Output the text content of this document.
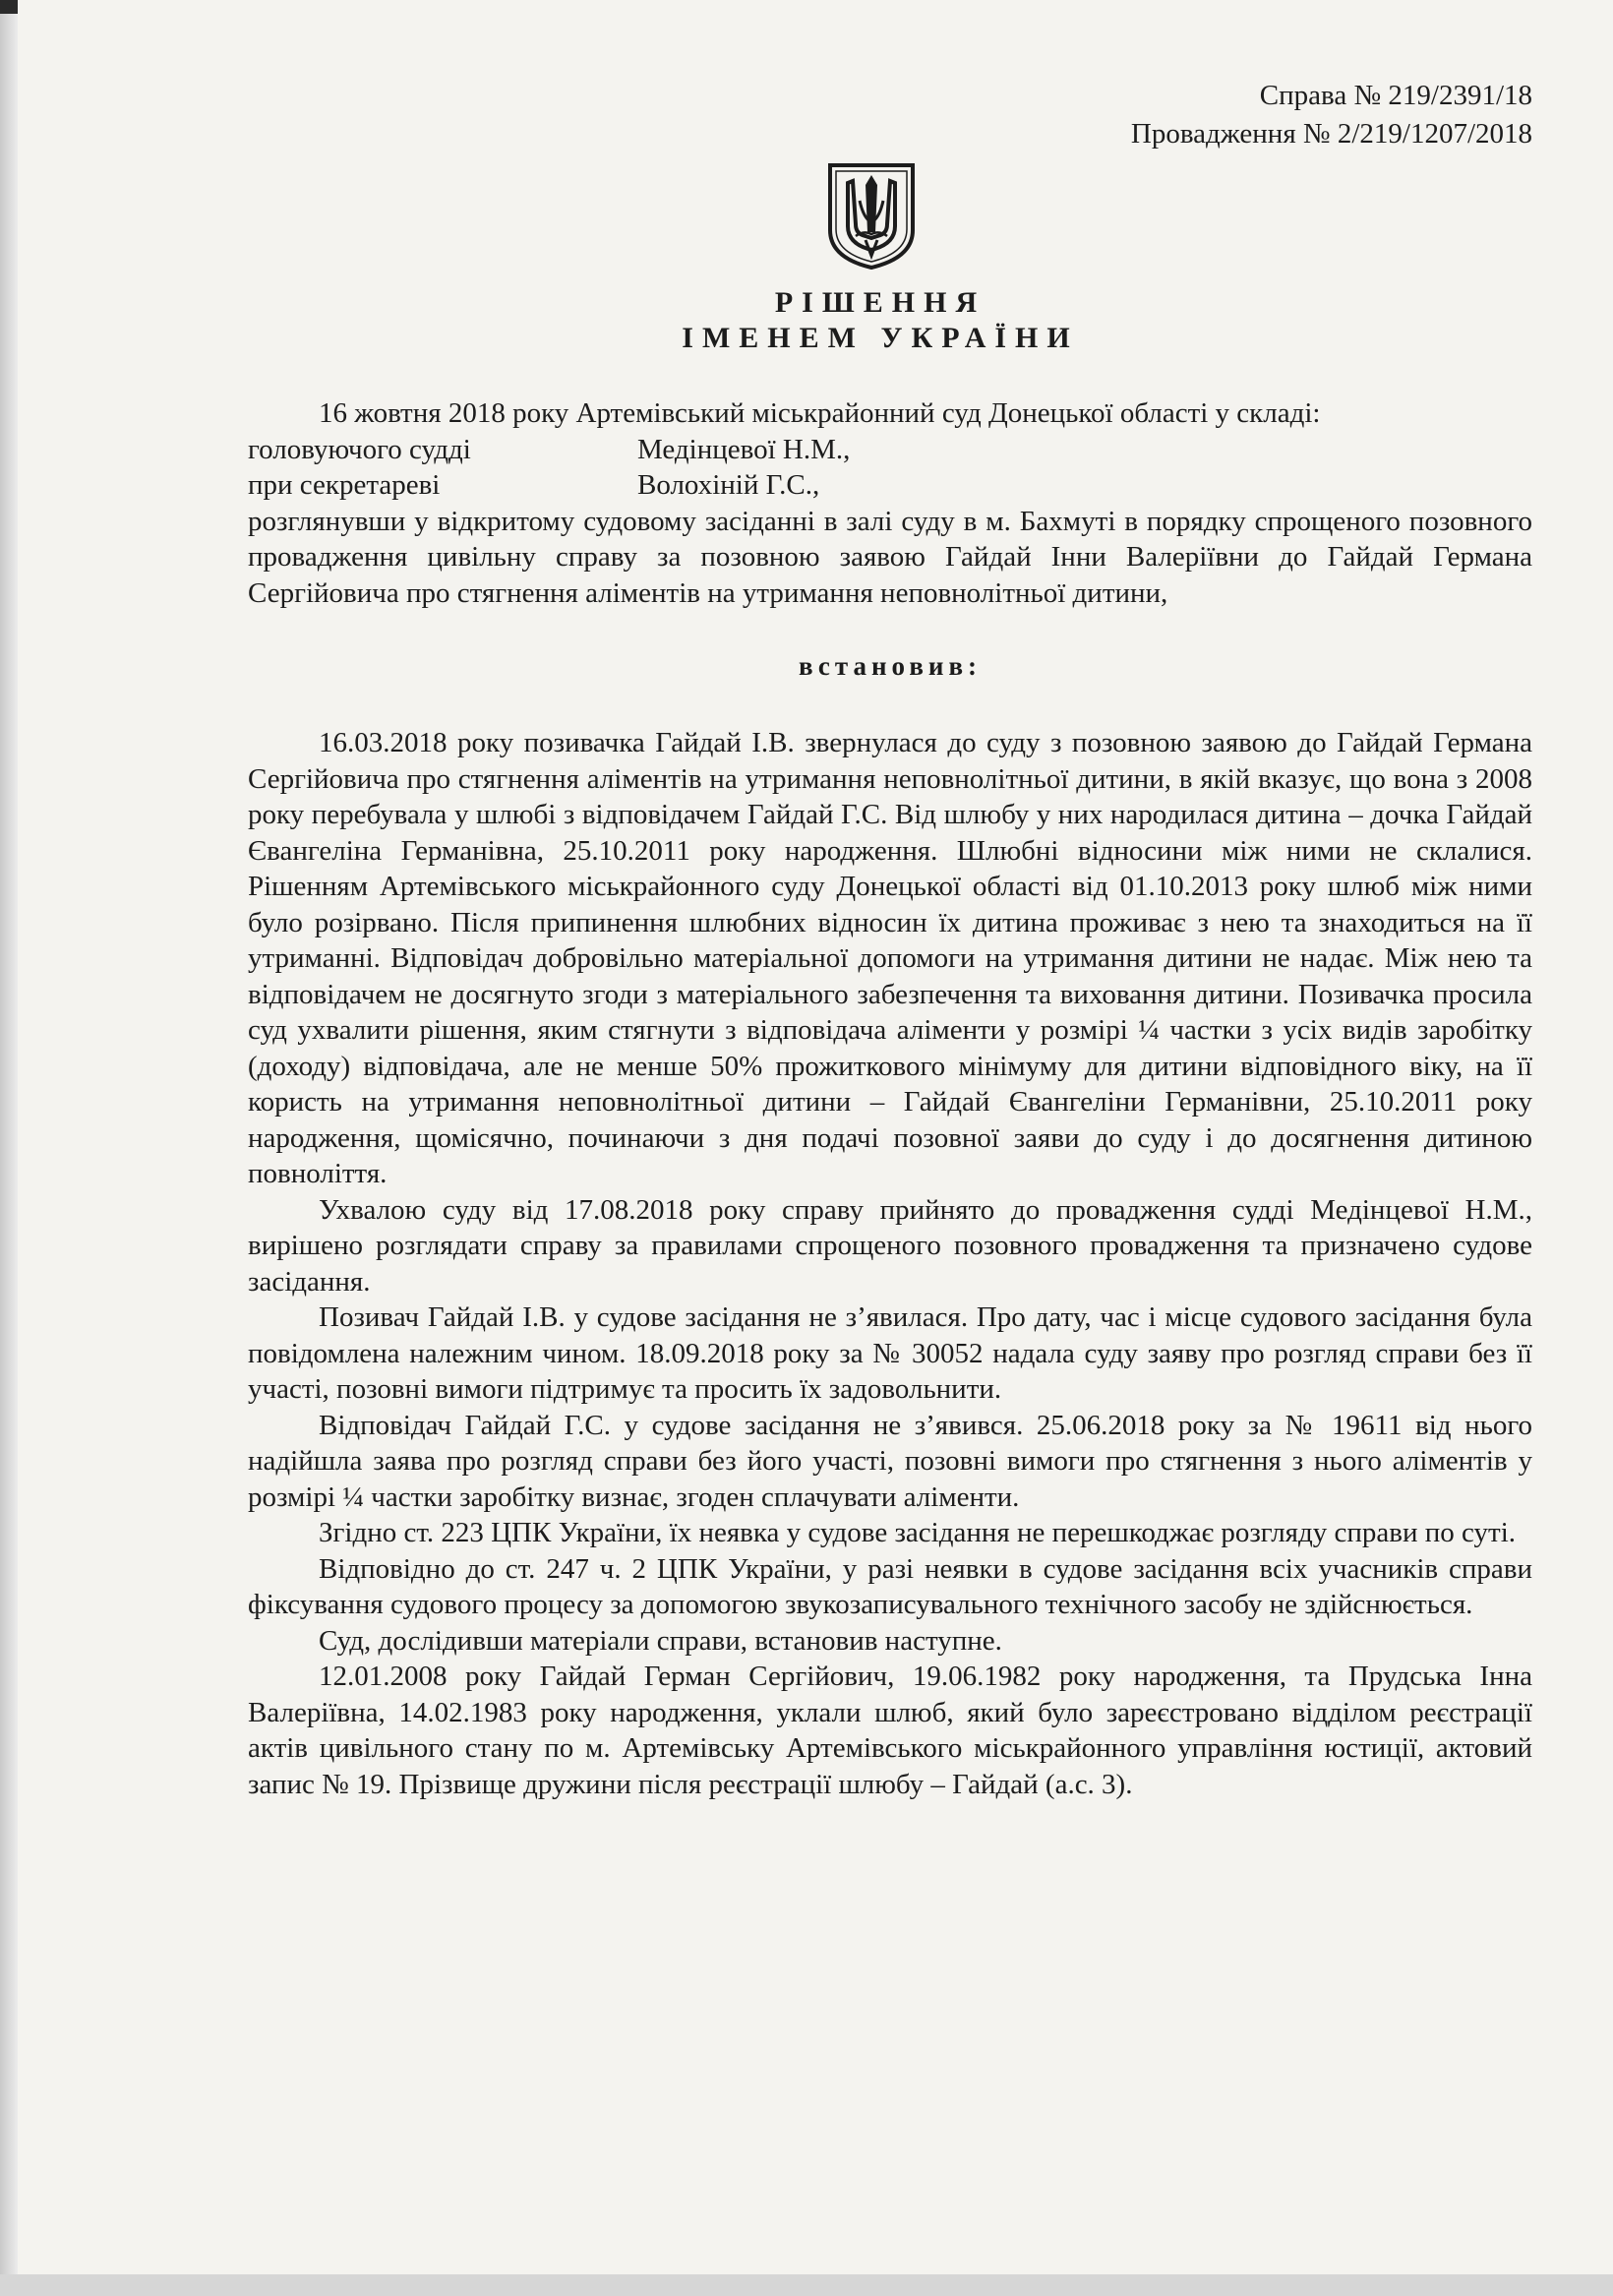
Справа № 219/2391/18
Провадження № 2/219/1207/2018
РІШЕННЯ
ІМЕНЕМ УКРАЇНИ

16 жовтня 2018 року Артемівський міськрайонний суд Донецької області у складі:

головуючого судді	Медінцевої Н.М.,
при секретареві	Волохіній Г.С.,

розглянувши у відкритому судовому засіданні в залі суду в м. Бахмуті в порядку спрощеного позовного провадження цивільну справу за позовною заявою Гайдай Інни Валеріївни до Гайдай Германа Сергійовича про стягнення аліментів на утримання неповнолітньої дитини,

встановив:

16.03.2018 року позивачка Гайдай І.В. звернулася до суду з позовною заявою до Гайдай Германа Сергійовича про стягнення аліментів на утримання неповнолітньої дитини, в якій вказує, що вона з 2008 року перебувала у шлюбі з відповідачем Гайдай Г.С. Від шлюбу у них народилася дитина – дочка Гайдай Євангеліна Германівна, 25.10.2011 року народження. Шлюбні відносини між ними не склалися. Рішенням Артемівського міськрайонного суду Донецької області від 01.10.2013 року шлюб між ними було розірвано. Після припинення шлюбних відносин їх дитина проживає з нею та знаходиться на її утриманні. Відповідач добровільно матеріальної допомоги на утримання дитини не надає. Між нею та відповідачем не досягнуто згоди з матеріального забезпечення та виховання дитини. Позивачка просила суд ухвалити рішення, яким стягнути з відповідача аліменти у розмірі ¼ частки з усіх видів заробітку (доходу) відповідача, але не менше 50% прожиткового мінімуму для дитини відповідного віку, на її користь на утримання неповнолітньої дитини – Гайдай Євангеліни Германівни, 25.10.2011 року народження, щомісячно, починаючи з дня подачі позовної заяви до суду і до досягнення дитиною повноліття.

Ухвалою суду від 17.08.2018 року справу прийнято до провадження судді Медінцевої Н.М., вирішено розглядати справу за правилами спрощеного позовного провадження та призначено судове засідання.

Позивач Гайдай І.В. у судове засідання не з’явилася. Про дату, час і місце судового засідання була повідомлена належним чином. 18.09.2018 року за № 30052 надала суду заяву про розгляд справи без її участі, позовні вимоги підтримує та просить їх задовольнити.

Відповідач Гайдай Г.С. у судове засідання не з’явився. 25.06.2018 року за № 19611 від нього надійшла заява про розгляд справи без його участі, позовні вимоги про стягнення з нього аліментів у розмірі ¼ частки заробітку визнає, згоден сплачувати аліменти.

Згідно ст. 223 ЦПК України, їх неявка у судове засідання не перешкоджає розгляду справи по суті.

Відповідно до ст. 247 ч. 2 ЦПК України, у разі неявки в судове засідання всіх учасників справи фіксування судового процесу за допомогою звукозаписувального технічного засобу не здійснюється.

Суд, дослідивши матеріали справи, встановив наступне.

12.01.2008 року Гайдай Герман Сергійович, 19.06.1982 року народження, та Прудська Інна Валеріївна, 14.02.1983 року народження, уклали шлюб, який було зареєстровано відділом реєстрації актів цивільного стану по м. Артемівську Артемівського міськрайонного управління юстиції, актовий запис № 19. Прізвище дружини після реєстрації шлюбу – Гайдай (а.с. 3).
